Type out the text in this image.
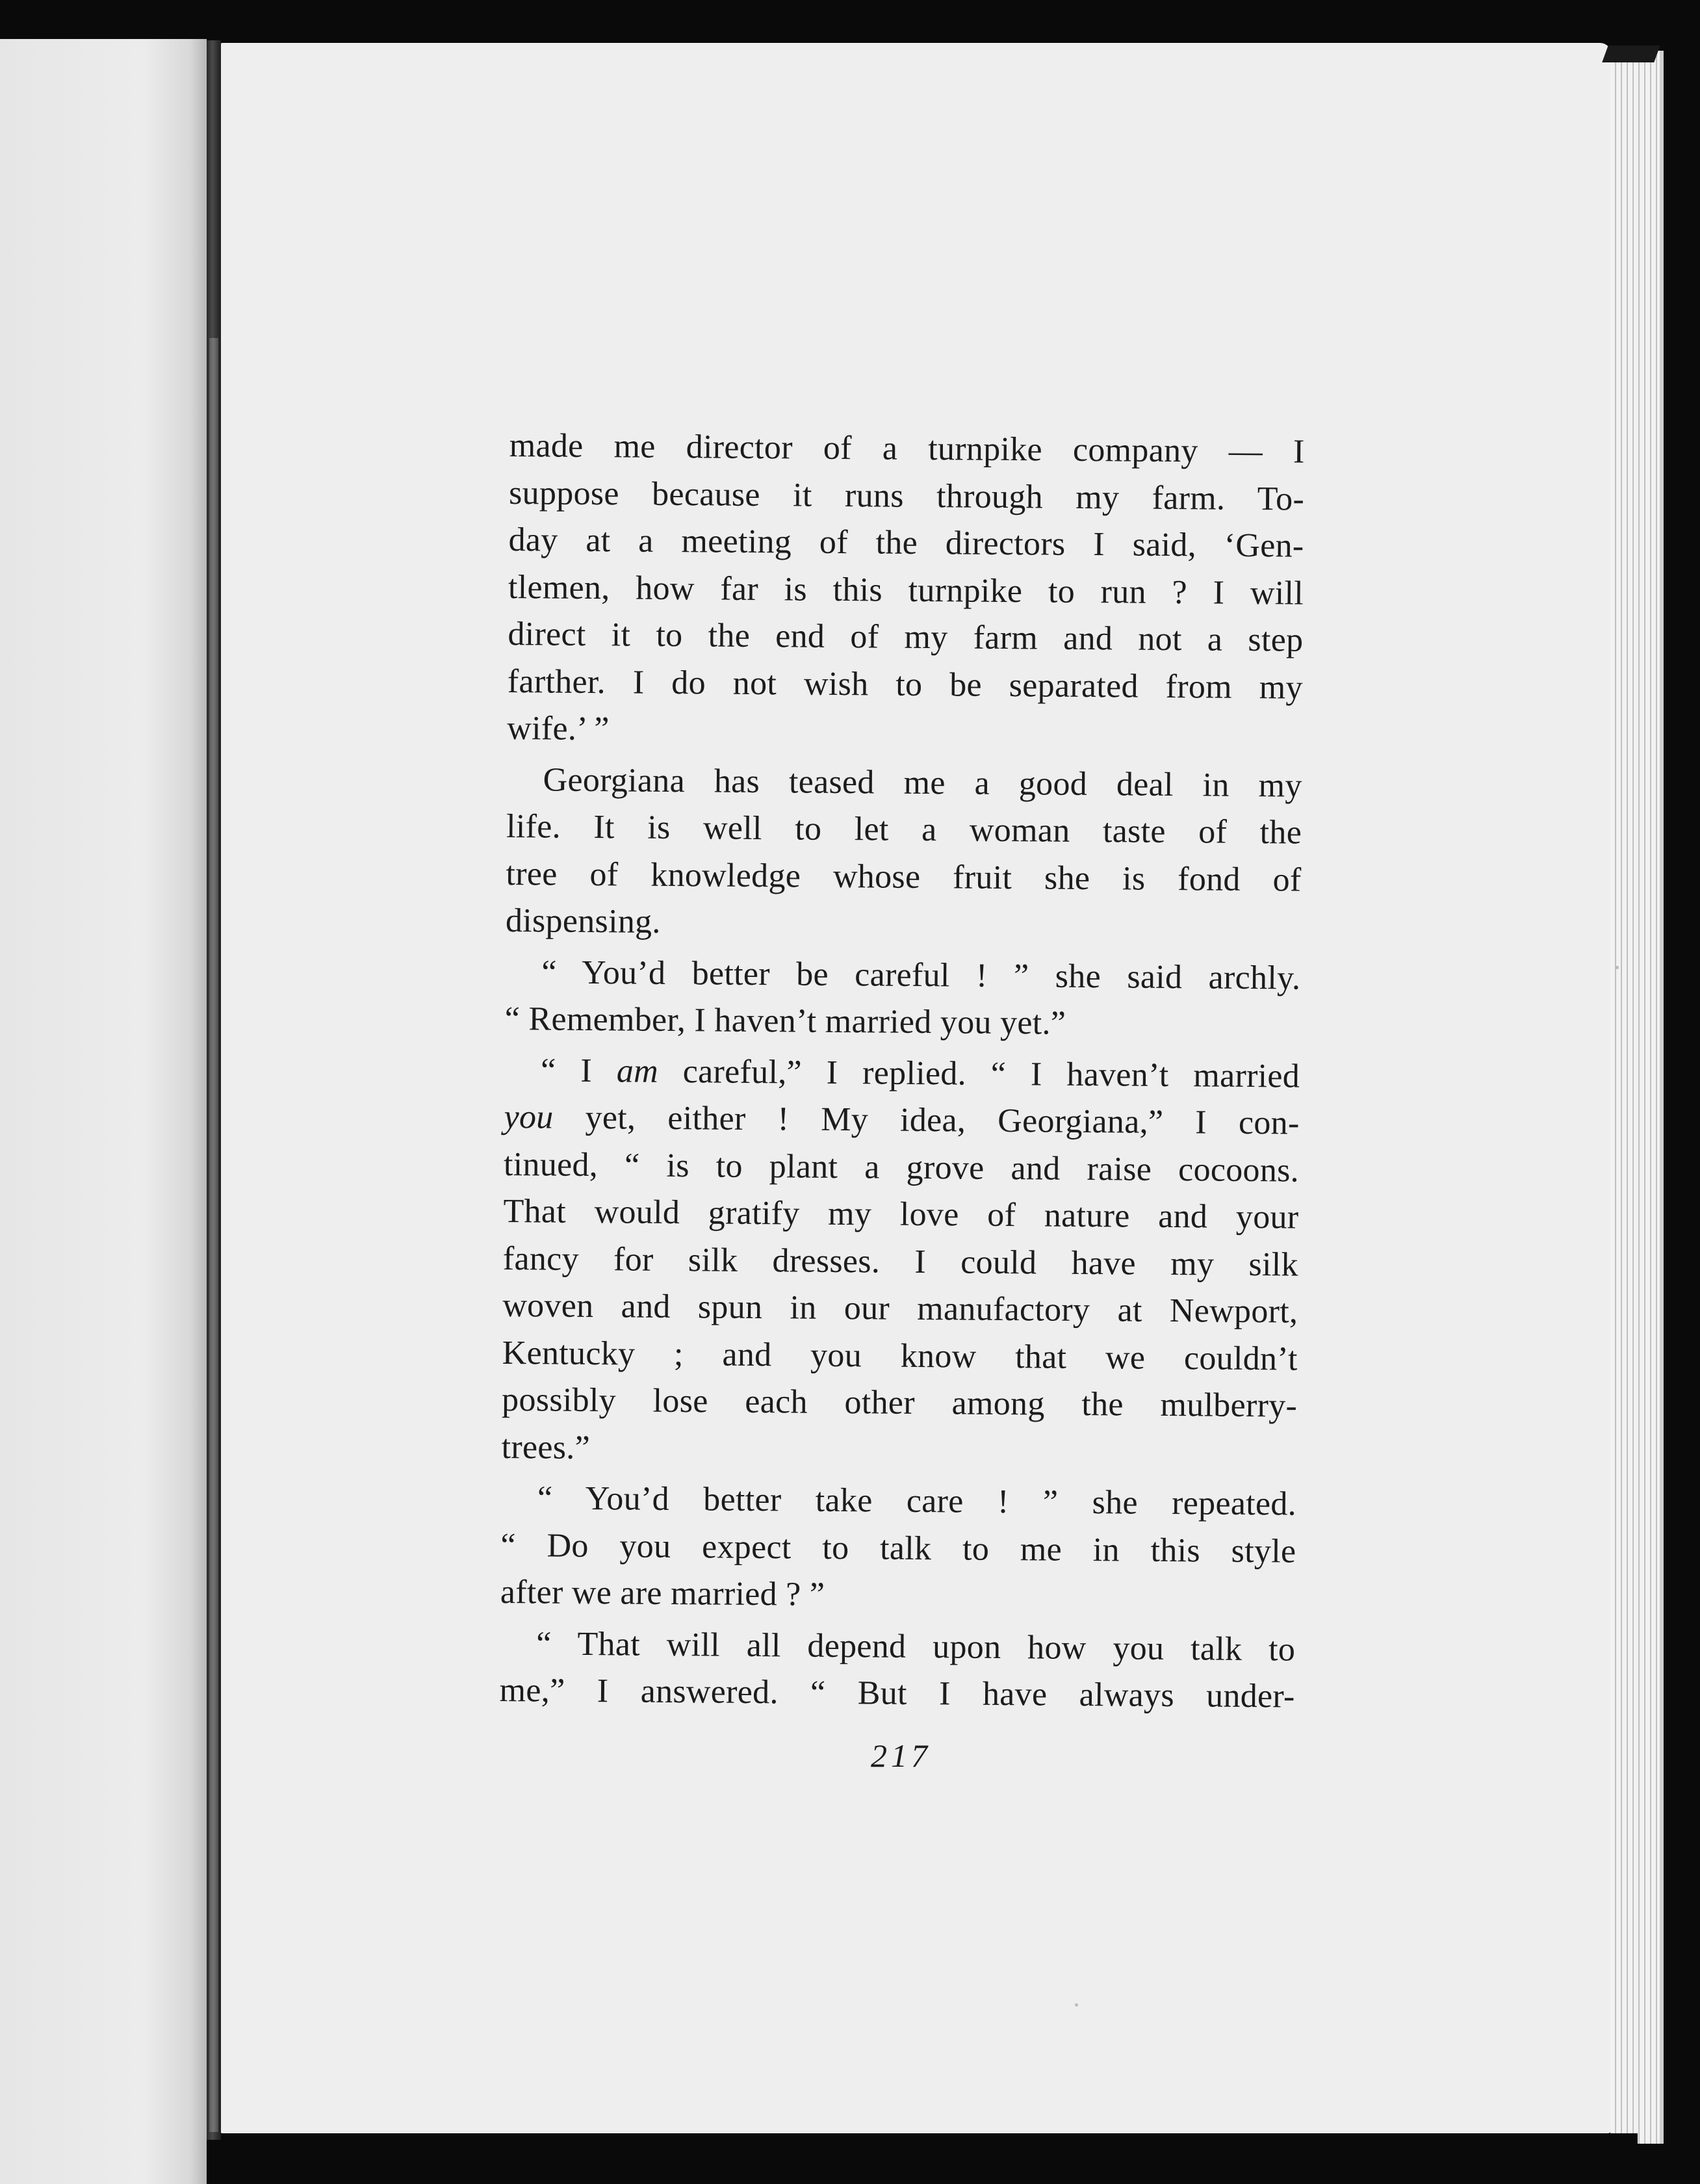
made me director of a turnpike company — I
suppose because it runs through my farm. To-
day at a meeting of the directors I said, ‘Gen-
tlemen, how far is this turnpike to run ? I will
direct it to the end of my farm and not a step
farther. I do not wish to be separated from my
wife.’ ”
Georgiana has teased me a good deal in my
life. It is well to let a woman taste of the
tree of knowledge whose fruit she is fond of
dispensing.
“ You’d better be careful ! ” she said archly.
“ Remember, I haven’t married you yet.”
“ I am careful,” I replied. “ I haven’t married
you yet, either ! My idea, Georgiana,” I con-
tinued, “ is to plant a grove and raise cocoons.
That would gratify my love of nature and your
fancy for silk dresses. I could have my silk
woven and spun in our manufactory at Newport,
Kentucky ; and you know that we couldn’t
possibly lose each other among the mulberry-
trees.”
“ You’d better take care ! ” she repeated.
“ Do you expect to talk to me in this style
after we are married ? ”
“ That will all depend upon how you talk to
me,” I answered. “ But I have always under-
217
